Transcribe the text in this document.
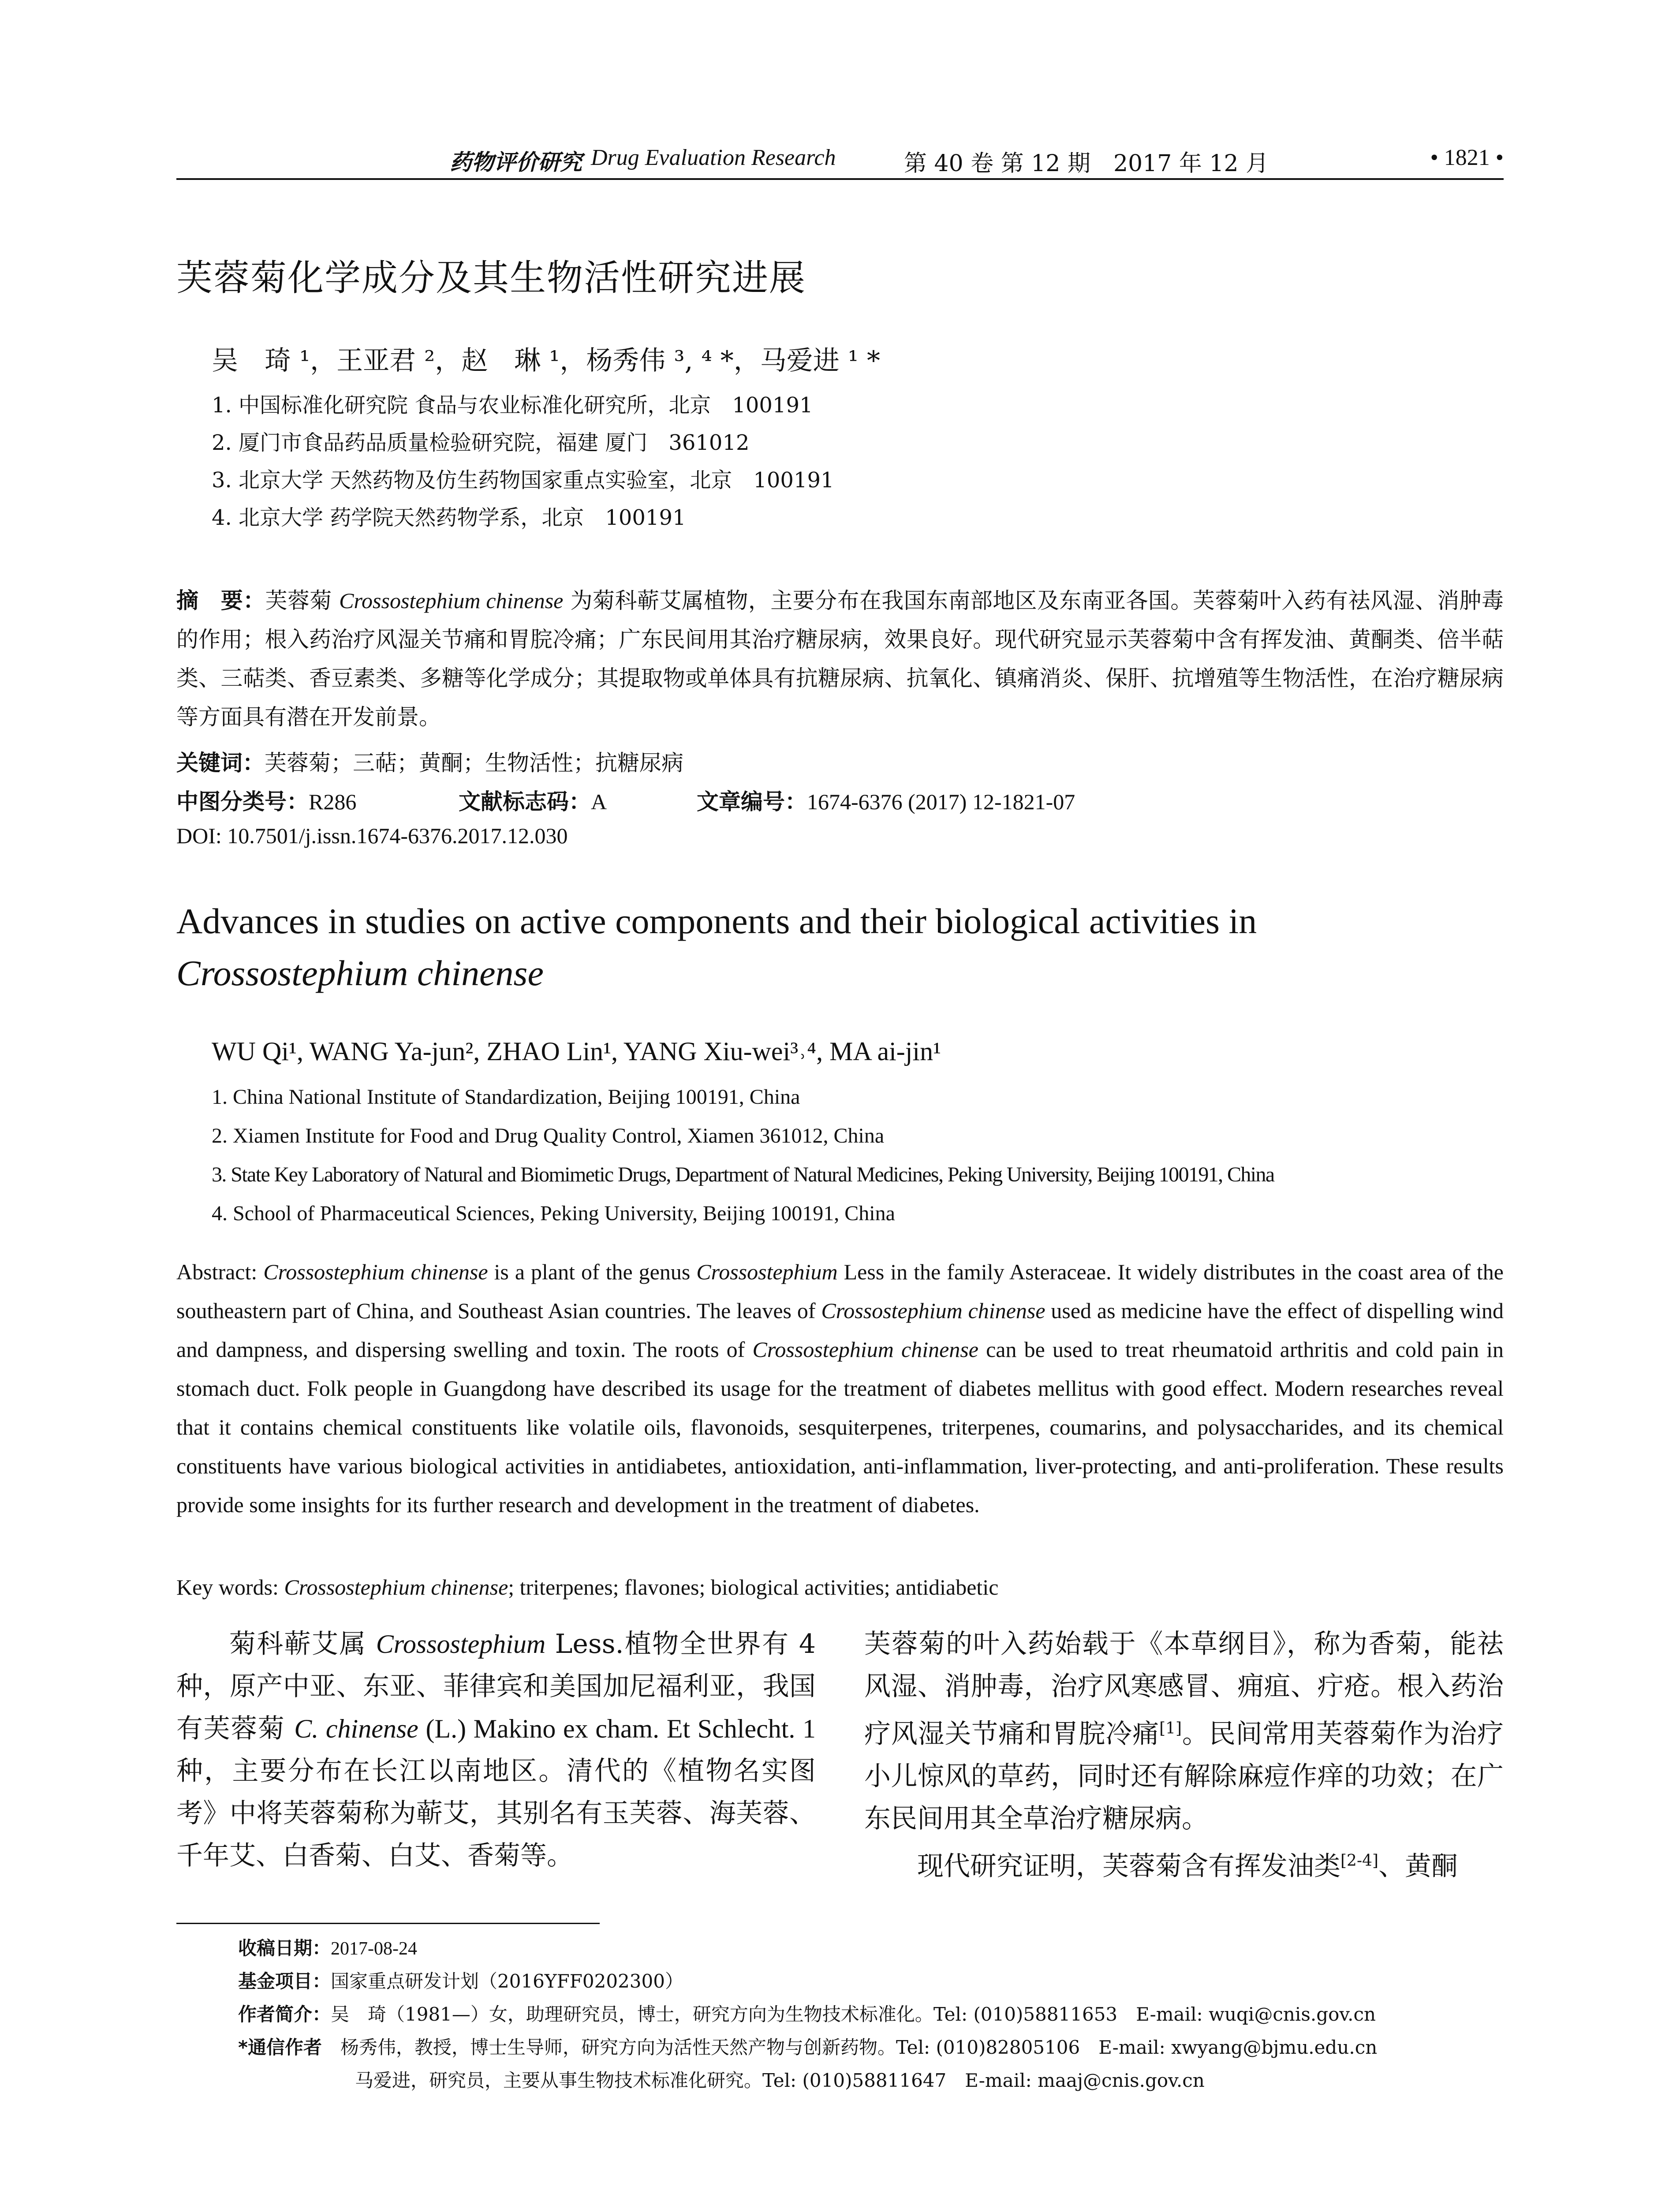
药物评价研究 Drug Evaluation Research	第 40 卷 第 12 期　2017 年 12 月	• 1821 •
芙蓉菊化学成分及其生物活性研究进展
吴　琦 ¹，王亚君 ²，赵　琳 ¹，杨秀伟 ³, ⁴ *，马爱进 ¹ *
1. 中国标准化研究院 食品与农业标准化研究所，北京　100191
2. 厦门市食品药品质量检验研究院，福建 厦门　361012
3. 北京大学 天然药物及仿生药物国家重点实验室，北京　100191
4. 北京大学 药学院天然药物学系，北京　100191
摘　要：芙蓉菊 Crossostephium chinense 为菊科蕲艾属植物，主要分布在我国东南部地区及东南亚各国。芙蓉菊叶入药有祛风湿、消肿毒的作用；根入药治疗风湿关节痛和胃脘冷痛；广东民间用其治疗糖尿病，效果良好。现代研究显示芙蓉菊中含有挥发油、黄酮类、倍半萜类、三萜类、香豆素类、多糖等化学成分；其提取物或单体具有抗糖尿病、抗氧化、镇痛消炎、保肝、抗增殖等生物活性，在治疗糖尿病等方面具有潜在开发前景。
关键词：芙蓉菊；三萜；黄酮；生物活性；抗糖尿病
中图分类号：R286	文献标志码：A	文章编号：1674-6376 (2017) 12-1821-07
DOI: 10.7501/j.issn.1674-6376.2017.12.030
Advances in studies on active components and their biological activities in
Crossostephium chinense
WU Qi¹, WANG Ya-jun², ZHAO Lin¹, YANG Xiu-wei³˒⁴, MA ai-jin¹
1. China National Institute of Standardization, Beijing 100191, China
2. Xiamen Institute for Food and Drug Quality Control, Xiamen 361012, China
3. State Key Laboratory of Natural and Biomimetic Drugs, Department of Natural Medicines, Peking University, Beijing 100191, China
4. School of Pharmaceutical Sciences, Peking University, Beijing 100191, China
Abstract: Crossostephium chinense is a plant of the genus Crossostephium Less in the family Asteraceae. It widely distributes in the coast area of the southeastern part of China, and Southeast Asian countries. The leaves of Crossostephium chinense used as medicine have the effect of dispelling wind and dampness, and dispersing swelling and toxin. The roots of Crossostephium chinense can be used to treat rheumatoid arthritis and cold pain in stomach duct. Folk people in Guangdong have described its usage for the treatment of diabetes mellitus with good effect. Modern researches reveal that it contains chemical constituents like volatile oils, flavonoids, sesquiterpenes, triterpenes, coumarins, and polysaccharides, and its chemical constituents have various biological activities in antidiabetes, antioxidation, anti-inflammation, liver-protecting, and anti-proliferation. These results provide some insights for its further research and development in the treatment of diabetes.
Key words: Crossostephium chinense; triterpenes; flavones; biological activities; antidiabetic
菊科蕲艾属 Crossostephium Less.植物全世界有 4 种，原产中亚、东亚、菲律宾和美国加尼福利亚，我国有芙蓉菊 C. chinense (L.) Makino ex cham. Et Schlecht. 1 种，主要分布在长江以南地区。清代的《植物名实图考》中将芙蓉菊称为蕲艾，其别名有玉芙蓉、海芙蓉、千年艾、白香菊、白艾、香菊等。
芙蓉菊的叶入药始载于《本草纲目》，称为香菊，能祛风湿、消肿毒，治疗风寒感冒、痈疽、疔疮。根入药治疗风湿关节痛和胃脘冷痛[1]。民间常用芙蓉菊作为治疗小儿惊风的草药，同时还有解除麻痘作痒的功效；在广东民间用其全草治疗糖尿病。
现代研究证明，芙蓉菊含有挥发油类[2-4]、黄酮
收稿日期：2017-08-24
基金项目：国家重点研发计划（2016YFF0202300）
作者简介：吴　琦（1981—）女，助理研究员，博士，研究方向为生物技术标准化。Tel: (010)58811653　E-mail: wuqi@cnis.gov.cn
*通信作者　 杨秀伟，教授，博士生导师，研究方向为活性天然产物与创新药物。Tel: (010)82805106　E-mail: xwyang@bjmu.edu.cn
马爱进，研究员，主要从事生物技术标准化研究。Tel: (010)58811647　E-mail: maaj@cnis.gov.cn
